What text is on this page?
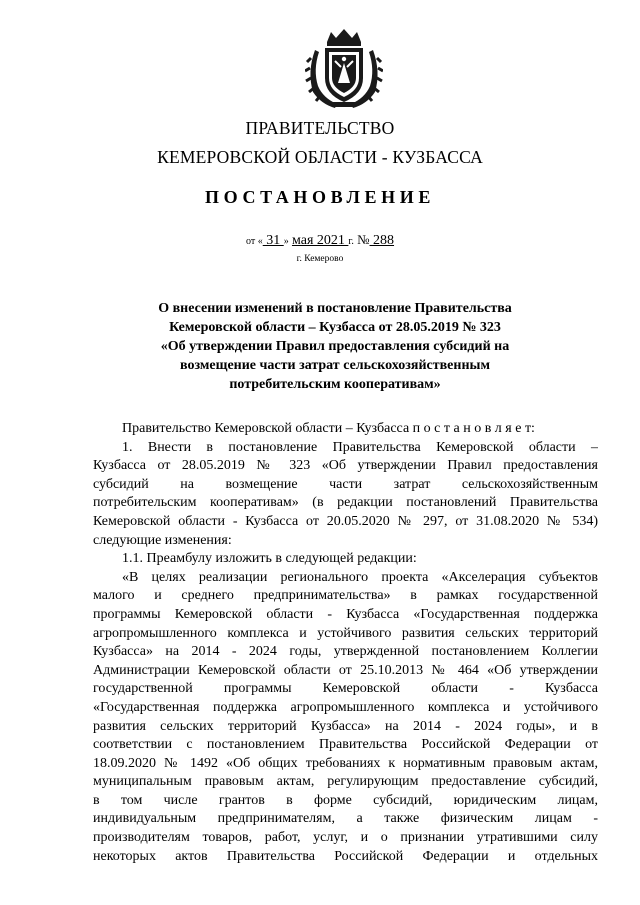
ПРАВИТЕЛЬСТВО
КЕМЕРОВСКОЙ ОБЛАСТИ - КУЗБАССА
ПОСТАНОВЛЕНИЕ
от « 31 » мая 2021 г. № 288
г. Кемерово
О внесении изменений в постановление Правительства
Кемеровской области – Кузбасса от 28.05.2019 № 323
«Об утверждении Правил предоставления субсидий на
возмещение части затрат сельскохозяйственным
потребительским кооперативам»
Правительство Кемеровской области – Кузбасса п о с т а н о в л я е т:
1. Внести в постановление Правительства Кемеровской области –
Кузбасса от 28.05.2019 № 323 «Об утверждении Правил предоставления
субсидий на возмещение части затрат сельскохозяйственным
потребительским кооперативам» (в редакции постановлений Правительства
Кемеровской области - Кузбасса от 20.05.2020 № 297, от 31.08.2020 № 534)
следующие изменения:
1.1. Преамбулу изложить в следующей редакции:
«В целях реализации регионального проекта «Акселерация субъектов
малого и среднего предпринимательства» в рамках государственной
программы Кемеровской области - Кузбасса «Государственная поддержка
агропромышленного комплекса и устойчивого развития сельских территорий
Кузбасса» на 2014 - 2024 годы, утвержденной постановлением Коллегии
Администрации Кемеровской области от 25.10.2013 № 464 «Об утверждении
государственной программы Кемеровской области - Кузбасса
«Государственная поддержка агропромышленного комплекса и устойчивого
развития сельских территорий Кузбасса» на 2014 - 2024 годы», и в
соответствии с постановлением Правительства Российской Федерации от
18.09.2020 № 1492 «Об общих требованиях к нормативным правовым актам,
муниципальным правовым актам, регулирующим предоставление субсидий,
в том числе грантов в форме субсидий, юридическим лицам,
индивидуальным предпринимателям, а также физическим лицам -
производителям товаров, работ, услуг, и о признании утратившими силу
некоторых актов Правительства Российской Федерации и отдельных
